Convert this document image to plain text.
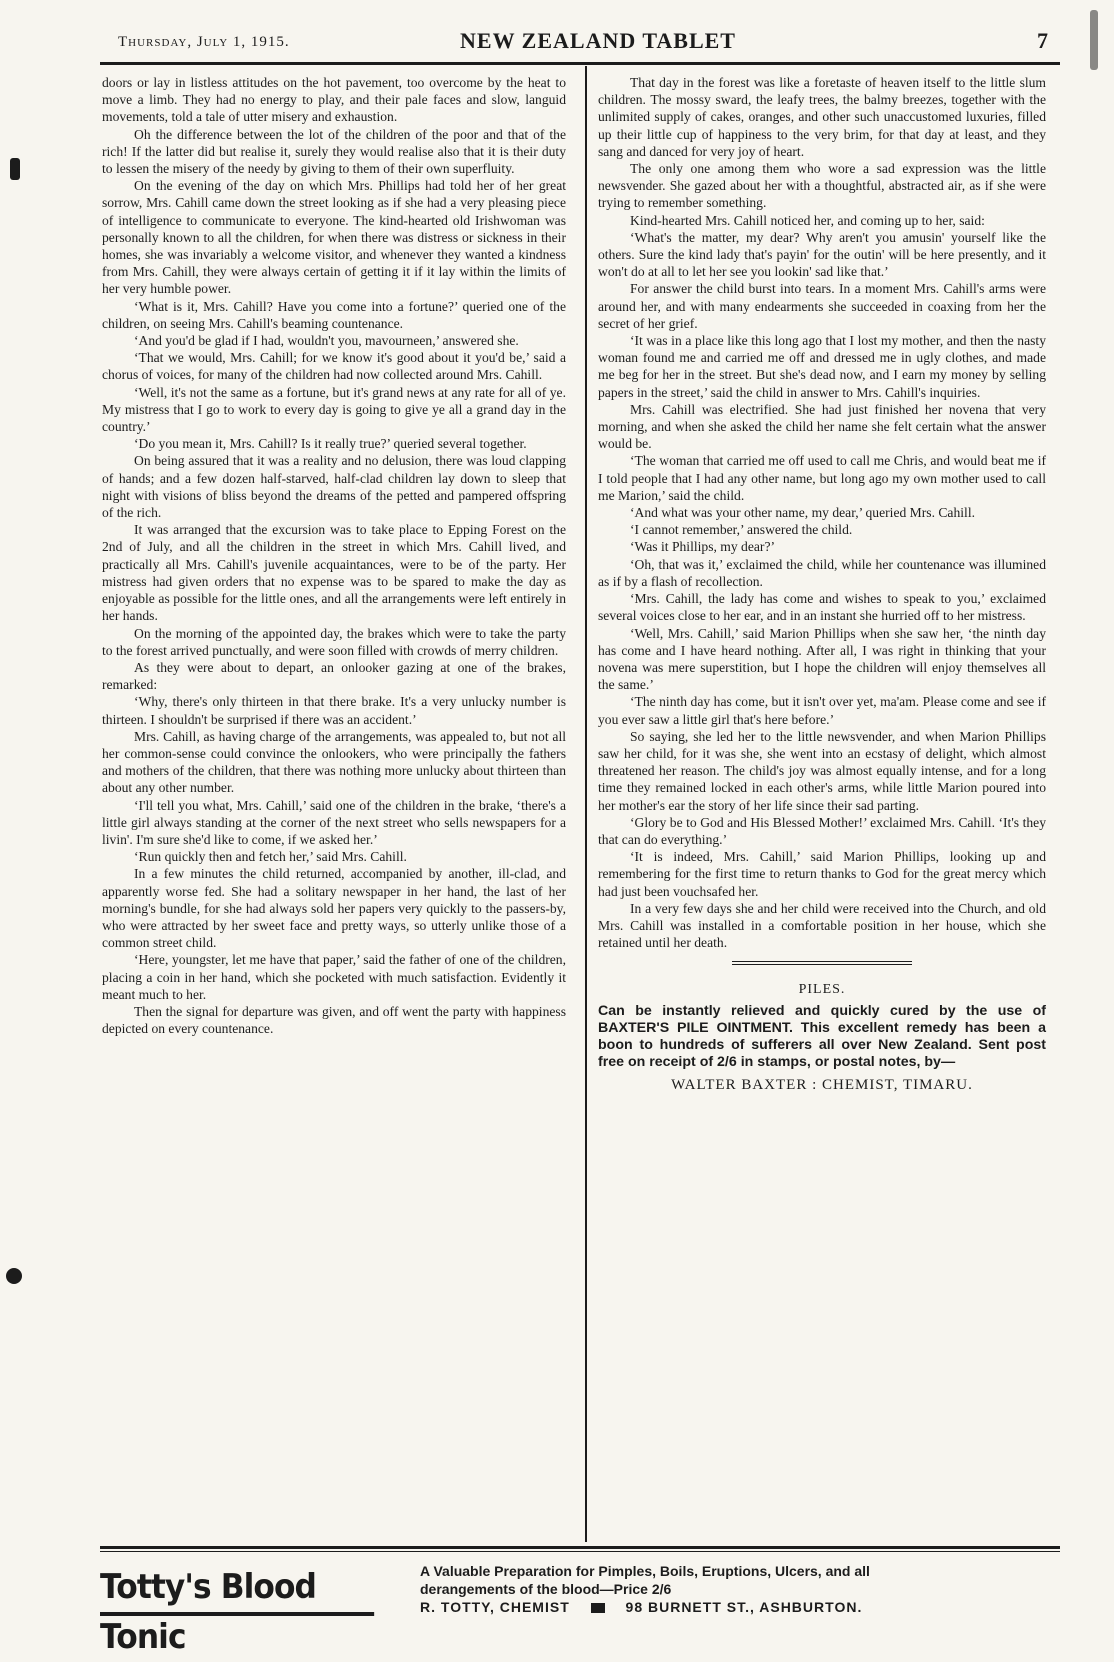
Thursday, July 1, 1915.	NEW ZEALAND TABLET	7

doors or lay in listless attitudes on the hot pavement, too overcome by the heat to move a limb. They had no energy to play, and their pale faces and slow, languid movements, told a tale of utter misery and exhaustion.

Oh the difference between the lot of the children of the poor and that of the rich! If the latter did but realise it, surely they would realise also that it is their duty to lessen the misery of the needy by giving to them of their own superfluity.

On the evening of the day on which Mrs. Phillips had told her of her great sorrow, Mrs. Cahill came down the street looking as if she had a very pleasing piece of intelligence to communicate to everyone. The kind-hearted old Irishwoman was personally known to all the children, for when there was distress or sickness in their homes, she was invariably a welcome visitor, and whenever they wanted a kindness from Mrs. Cahill, they were always certain of getting it if it lay within the limits of her very humble power.

‘What is it, Mrs. Cahill? Have you come into a fortune?’ queried one of the children, on seeing Mrs. Cahill's beaming countenance.

‘And you'd be glad if I had, wouldn't you, mavourneen,’ answered she.

‘That we would, Mrs. Cahill; for we know it's good about it you'd be,’ said a chorus of voices, for many of the children had now collected around Mrs. Cahill.

‘Well, it's not the same as a fortune, but it's grand news at any rate for all of ye. My mistress that I go to work to every day is going to give ye all a grand day in the country.’

‘Do you mean it, Mrs. Cahill? Is it really true?’ queried several together.

On being assured that it was a reality and no delusion, there was loud clapping of hands; and a few dozen half-starved, half-clad children lay down to sleep that night with visions of bliss beyond the dreams of the petted and pampered offspring of the rich.

It was arranged that the excursion was to take place to Epping Forest on the 2nd of July, and all the children in the street in which Mrs. Cahill lived, and practically all Mrs. Cahill's juvenile acquaintances, were to be of the party. Her mistress had given orders that no expense was to be spared to make the day as enjoyable as possible for the little ones, and all the arrangements were left entirely in her hands.

On the morning of the appointed day, the brakes which were to take the party to the forest arrived punctually, and were soon filled with crowds of merry children.

As they were about to depart, an onlooker gazing at one of the brakes, remarked:

‘Why, there's only thirteen in that there brake. It's a very unlucky number is thirteen. I shouldn't be surprised if there was an accident.’

Mrs. Cahill, as having charge of the arrangements, was appealed to, but not all her common-sense could convince the onlookers, who were principally the fathers and mothers of the children, that there was nothing more unlucky about thirteen than about any other number.

‘I'll tell you what, Mrs. Cahill,’ said one of the children in the brake, ‘there's a little girl always standing at the corner of the next street who sells newspapers for a livin'. I'm sure she'd like to come, if we asked her.’

‘Run quickly then and fetch her,’ said Mrs. Cahill.

In a few minutes the child returned, accompanied by another, ill-clad, and apparently worse fed. She had a solitary newspaper in her hand, the last of her morning's bundle, for she had always sold her papers very quickly to the passers-by, who were attracted by her sweet face and pretty ways, so utterly unlike those of a common street child.

‘Here, youngster, let me have that paper,’ said the father of one of the children, placing a coin in her hand, which she pocketed with much satisfaction. Evidently it meant much to her.

Then the signal for departure was given, and off went the party with happiness depicted on every countenance.

That day in the forest was like a foretaste of heaven itself to the little slum children. The mossy sward, the leafy trees, the balmy breezes, together with the unlimited supply of cakes, oranges, and other such unaccustomed luxuries, filled up their little cup of happiness to the very brim, for that day at least, and they sang and danced for very joy of heart.

The only one among them who wore a sad expression was the little newsvender. She gazed about her with a thoughtful, abstracted air, as if she were trying to remember something.

Kind-hearted Mrs. Cahill noticed her, and coming up to her, said:

‘What's the matter, my dear? Why aren't you amusin' yourself like the others. Sure the kind lady that's payin' for the outin' will be here presently, and it won't do at all to let her see you lookin' sad like that.’

For answer the child burst into tears. In a moment Mrs. Cahill's arms were around her, and with many endearments she succeeded in coaxing from her the secret of her grief.

‘It was in a place like this long ago that I lost my mother, and then the nasty woman found me and carried me off and dressed me in ugly clothes, and made me beg for her in the street. But she's dead now, and I earn my money by selling papers in the street,’ said the child in answer to Mrs. Cahill's inquiries.

Mrs. Cahill was electrified. She had just finished her novena that very morning, and when she asked the child her name she felt certain what the answer would be.

‘The woman that carried me off used to call me Chris, and would beat me if I told people that I had any other name, but long ago my own mother used to call me Marion,’ said the child.

‘And what was your other name, my dear,’ queried Mrs. Cahill.

‘I cannot remember,’ answered the child.

‘Was it Phillips, my dear?’

‘Oh, that was it,’ exclaimed the child, while her countenance was illumined as if by a flash of recollection.

‘Mrs. Cahill, the lady has come and wishes to speak to you,’ exclaimed several voices close to her ear, and in an instant she hurried off to her mistress.

‘Well, Mrs. Cahill,’ said Marion Phillips when she saw her, ‘the ninth day has come and I have heard nothing. After all, I was right in thinking that your novena was mere superstition, but I hope the children will enjoy themselves all the same.’

‘The ninth day has come, but it isn't over yet, ma'am. Please come and see if you ever saw a little girl that's here before.’

So saying, she led her to the little newsvender, and when Marion Phillips saw her child, for it was she, she went into an ecstasy of delight, which almost threatened her reason. The child's joy was almost equally intense, and for a long time they remained locked in each other's arms, while little Marion poured into her mother's ear the story of her life since their sad parting.

‘Glory be to God and His Blessed Mother!’ exclaimed Mrs. Cahill. ‘It's they that can do everything.’

‘It is indeed, Mrs. Cahill,’ said Marion Phillips, looking up and remembering for the first time to return thanks to God for the great mercy which had just been vouchsafed her.

In a very few days she and her child were received into the Church, and old Mrs. Cahill was installed in a comfortable position in her house, which she retained until her death.

PILES.

Can be instantly relieved and quickly cured by the use of BAXTER'S PILE OINTMENT. This excellent remedy has been a boon to hundreds of sufferers all over New Zealand. Sent post free on receipt of 2/6 in stamps, or postal notes, by—

WALTER BAXTER : CHEMIST, TIMARU.
Totty's Blood Tonic
A Valuable Preparation for Pimples, Boils, Eruptions, Ulcers, and all
derangements of the blood—Price 2/6
R. TOTTY, CHEMIST	98 BURNETT ST., ASHBURTON.
